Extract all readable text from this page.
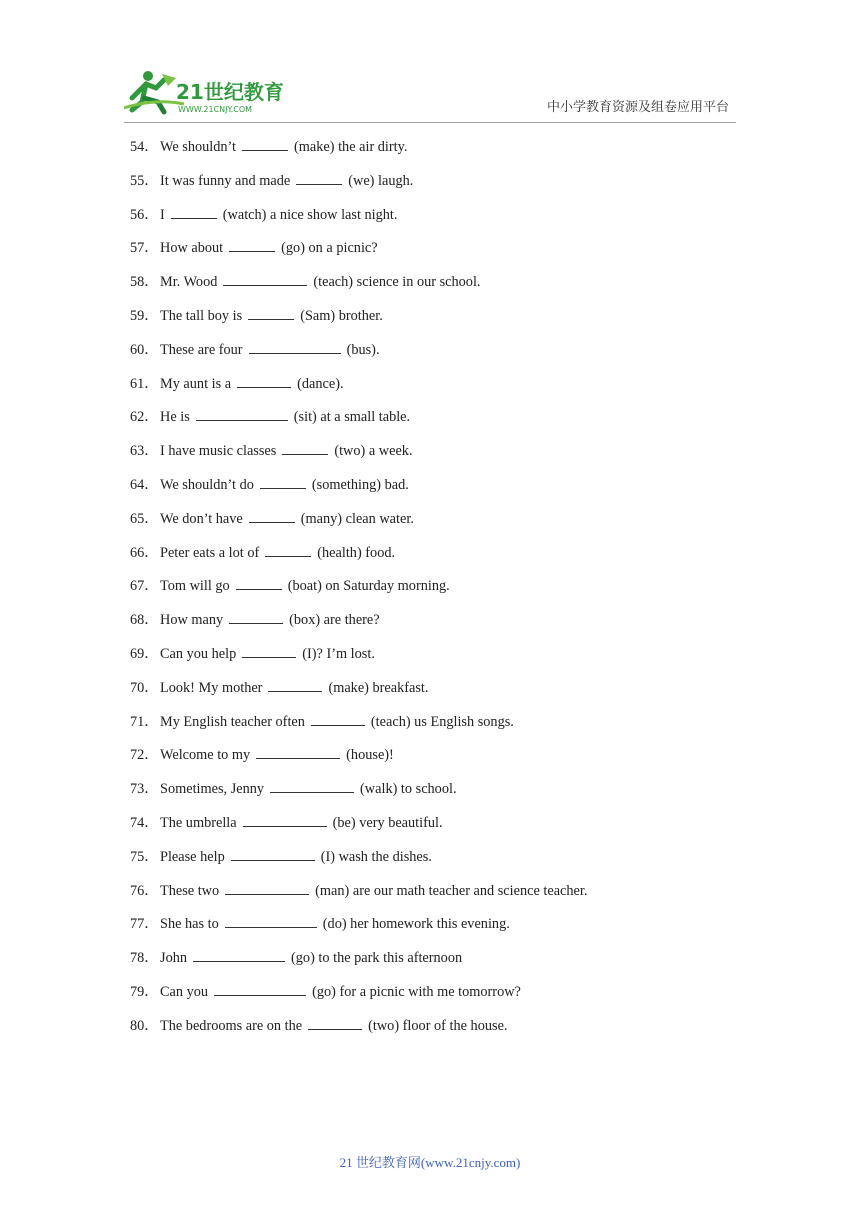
21世纪教育
WWW.21CNJY.COM	中小学教育资源及组卷应用平台
54．We shouldn’t	(make) the air dirty.
55．It was funny and made	(we) laugh.
56．I	(watch) a nice show last night.
57．How about	(go) on a picnic?
58．Mr. Wood	(teach) science in our school.
59．The tall boy is	(Sam) brother.
60．These are four	(bus).
61．My aunt is a	(dance).
62．He is	(sit) at a small table.
63．I have music classes	(two) a week.
64．We shouldn’t do	(something) bad.
65．We don’t have	(many) clean water.
66．Peter eats a lot of	(health) food.
67．Tom will go	(boat) on Saturday morning.
68．How many	(box) are there?
69．Can you help	(I)? I’m lost.
70．Look! My mother	(make) breakfast.
71．My English teacher often	(teach) us English songs.
72．Welcome to my	(house)!
73．Sometimes, Jenny	(walk) to school.
74．The umbrella	(be) very beautiful.
75．Please help	(I) wash the dishes.
76．These two	(man) are our math teacher and science teacher.
77．She has to	(do) her homework this evening.
78．John	(go) to the park this afternoon
79．Can you	(go) for a picnic with me tomorrow?
80．The bedrooms are on the	(two) floor of the house.
21 世纪教育网(www.21cnjy.com)
